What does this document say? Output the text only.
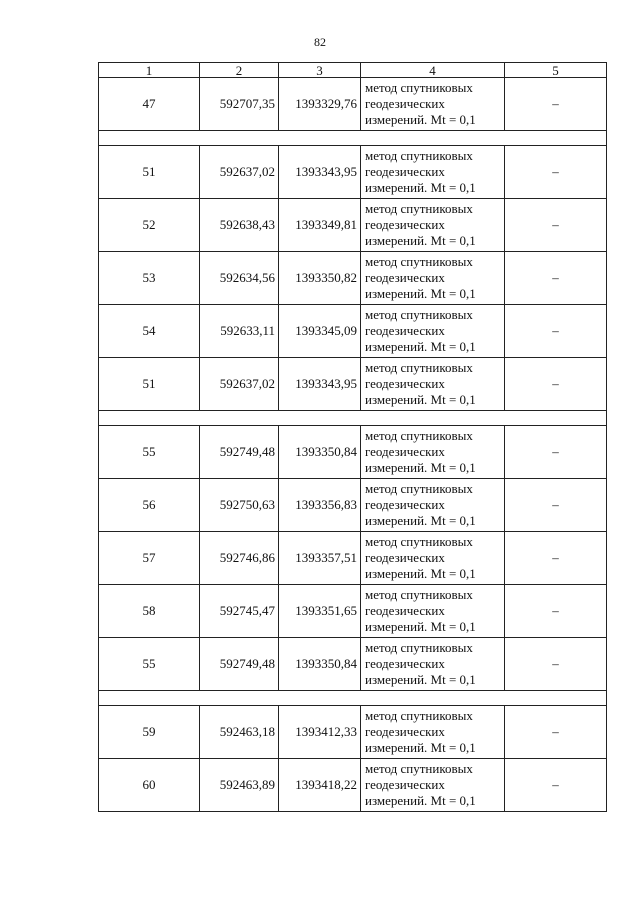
82
1	2	3	4	5
47	592707,35	1393329,76	метод спутниковых
геодезических
измерений. Mt = 0,1	–

51	592637,02	1393343,95	метод спутниковых
геодезических
измерений. Mt = 0,1	–
52	592638,43	1393349,81	метод спутниковых
геодезических
измерений. Mt = 0,1	–
53	592634,56	1393350,82	метод спутниковых
геодезических
измерений. Mt = 0,1	–
54	592633,11	1393345,09	метод спутниковых
геодезических
измерений. Mt = 0,1	–
51	592637,02	1393343,95	метод спутниковых
геодезических
измерений. Mt = 0,1	–

55	592749,48	1393350,84	метод спутниковых
геодезических
измерений. Mt = 0,1	–
56	592750,63	1393356,83	метод спутниковых
геодезических
измерений. Mt = 0,1	–
57	592746,86	1393357,51	метод спутниковых
геодезических
измерений. Mt = 0,1	–
58	592745,47	1393351,65	метод спутниковых
геодезических
измерений. Mt = 0,1	–
55	592749,48	1393350,84	метод спутниковых
геодезических
измерений. Mt = 0,1	–

59	592463,18	1393412,33	метод спутниковых
геодезических
измерений. Mt = 0,1	–
60	592463,89	1393418,22	метод спутниковых
геодезических
измерений. Mt = 0,1	–
